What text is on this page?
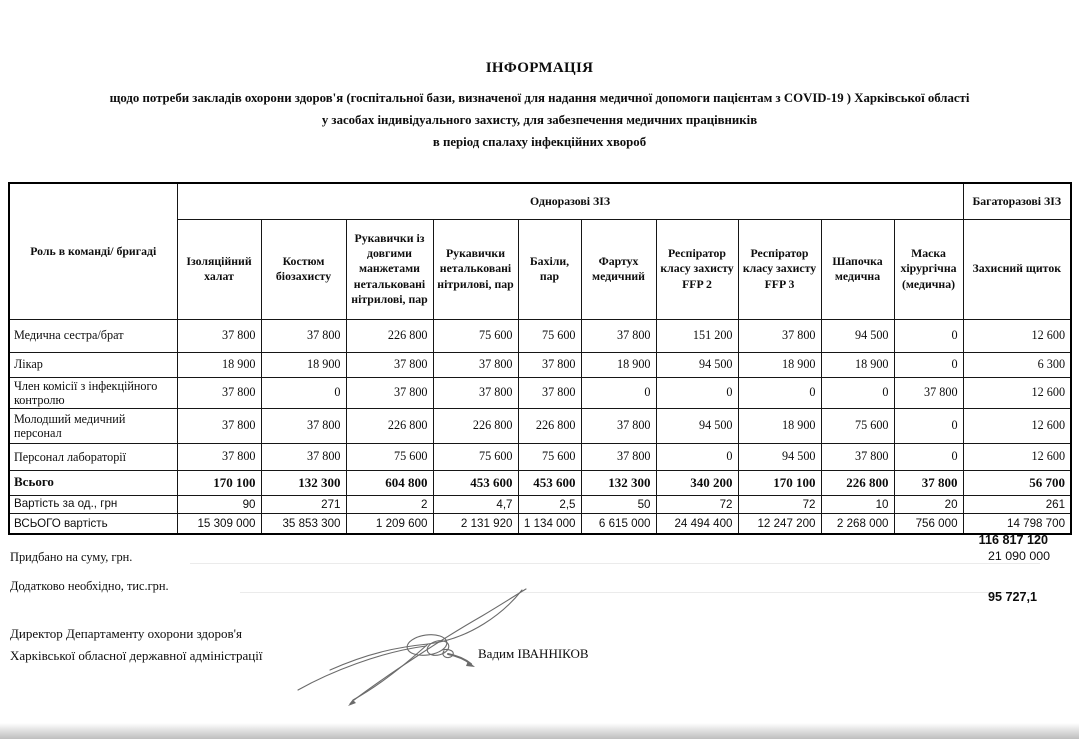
ІНФОРМАЦІЯ
щодо потреби закладів охорони здоров'я (госпітальної бази, визначеної для надання медичної допомоги пацієнтам з COVID-19 ) Харківської області
у засобах індивідуального захисту, для забезпечення медичних працівників
в період спалаху інфекційних хвороб
Роль в команді/ бригаді	Одноразові ЗІЗ										Багаторазові ЗІЗ
	Ізоляційний халат	Костюм біозахисту	Рукавички із довгими манжетами нетальковані нітрилові, пар	Рукавички нетальковані нітрилові, пар	Бахіли, пар	Фартух медичний	Респіратор класу захисту FFP 2	Респіратор класу захисту FFP 3	Шапочка медична	Маска хірургічна (медична)	Захисний щиток
Медична сестра/брат	37 800	37 800	226 800	75 600	75 600	37 800	151 200	37 800	94 500	0	12 600
Лікар	18 900	18 900	37 800	37 800	37 800	18 900	94 500	18 900	18 900	0	6 300
Член комісії з інфекційного контролю	37 800	0	37 800	37 800	37 800	0	0	0	0	37 800	12 600
Молодший медичний персонал	37 800	37 800	226 800	226 800	226 800	37 800	94 500	18 900	75 600	0	12 600
Персонал лабораторії	37 800	37 800	75 600	75 600	75 600	37 800	0	94 500	37 800	0	12 600
Всього	170 100	132 300	604 800	453 600	453 600	132 300	340 200	170 100	226 800	37 800	56 700
Вартість за од., грн	90	271	2	4,7	2,5	50	72	72	10	20	261
ВСЬОГО вартість	15 309 000	35 853 300	1 209 600	2 131 920	1 134 000	6 615 000	24 494 400	12 247 200	2 268 000	756 000	14 798 700
116 817 120
Придбано на суму, грн.	21 090 000
Додатково необхідно, тис.грн.
95 727,1
Директор Департаменту охорони здоров'я
Харківської обласної державної адміністрації	Вадим ІВАННІКОВ
